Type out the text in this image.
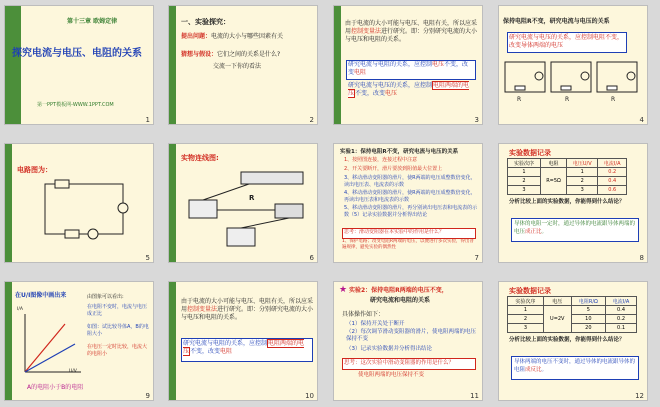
第十三章 欧姆定律
探究电流与电压、电阻的关系
第一PPT模板网-WWW.1PPT.COM
1
一、实验探究：
提出问题：电流的大小与哪些因素有关
猜想与假设：它们之间的关系是什么?
交流一下你的看法
2
由于电流的大小可能与电压、电阻有关，所以应采用控制变量法进行研究。即：分别研究电流的大小与电压和电阻的关系。
研究电流与电阻的关系，应控制电压不变，改变电阻
研究电流与电压的关系，应控制电阻两端的电压不变，改变电压
3
保持电阻R不变，研究电流与电压的关系
研究电流与电压的关系，应控制电阻不变，改变导体两端的电压
R	R	R
4
电路图为：
5
实物连线图:
R
6
实验1：保持电阻R不变，研究电流与电压的关系
1、按照图连接，连接过程中注意
2、开关要断开，滑片要放到阻值最大位置上
3、移动滑动变阻器的滑片，使R两端的电压成整数倍变化，读出电压表、电流表的示数
4、移动滑动变阻器的滑片，使R两端的电压成整数倍变化，再读出电压表和电流表的示数
5、移动滑动变阻器的滑片，再分别读出电压表和电流表的示数（5）记录实验数据并分析得出结论
思考：滑动变阻器在本实验中的作用是什么？
1、保护电路；改变电阻R两端的电压，以便进行多次实验，得出普遍规律，避免实验的偶然性
7
实验数据记录
实验次序	电阻	电压U/V	电流I/A
1	R=5Ω	1	0.2
2		2	0.4
3		3	0.6
分析比较上面的实验数据，你能得到什么结论？
导体的电阻一定时，通过导体的电流跟导体两端的电压成正比。
8
在U/I图像中画出来
I/A
U/V
由图象可以看出:
在电阻不变时，电流与电压成正比
如图：试比较导体A，B的电阻大小
在电压一定时比较，电流大的电阻小
A的电阻小于B的电阻
9
由于电流的大小可能与电压、电阻有关，所以应采用控制变量法进行研究。即：分别研究电流的大小与电压和电阻的关系。
研究电流与电阻的关系，应控制电阻两端的电压不变，改变电阻
10
★ 实验2：保持电阻R两端的电压不变，
研究电流和电阻的关系
具体操作如下：
（1）保持开关处于断开
（2）每次调节滑动变阻器的滑片，使电阻两端的电压保持不变
（3）记录实验数据并分析得出结论
思考：这次实验中滑动变阻器的作用是什么？
使电阻两端的电压保持不变
11
实验数据记录
实验次序	电压	电阻R/Ω	电流I/A
1	U=2V	5	0.4
2		10	0.2
3		20	0.1
分析比较上面的实验数据，你能得到什么结论？
导体两端的电压不变时，通过导体的电流跟导体的电阻成反比。
12
